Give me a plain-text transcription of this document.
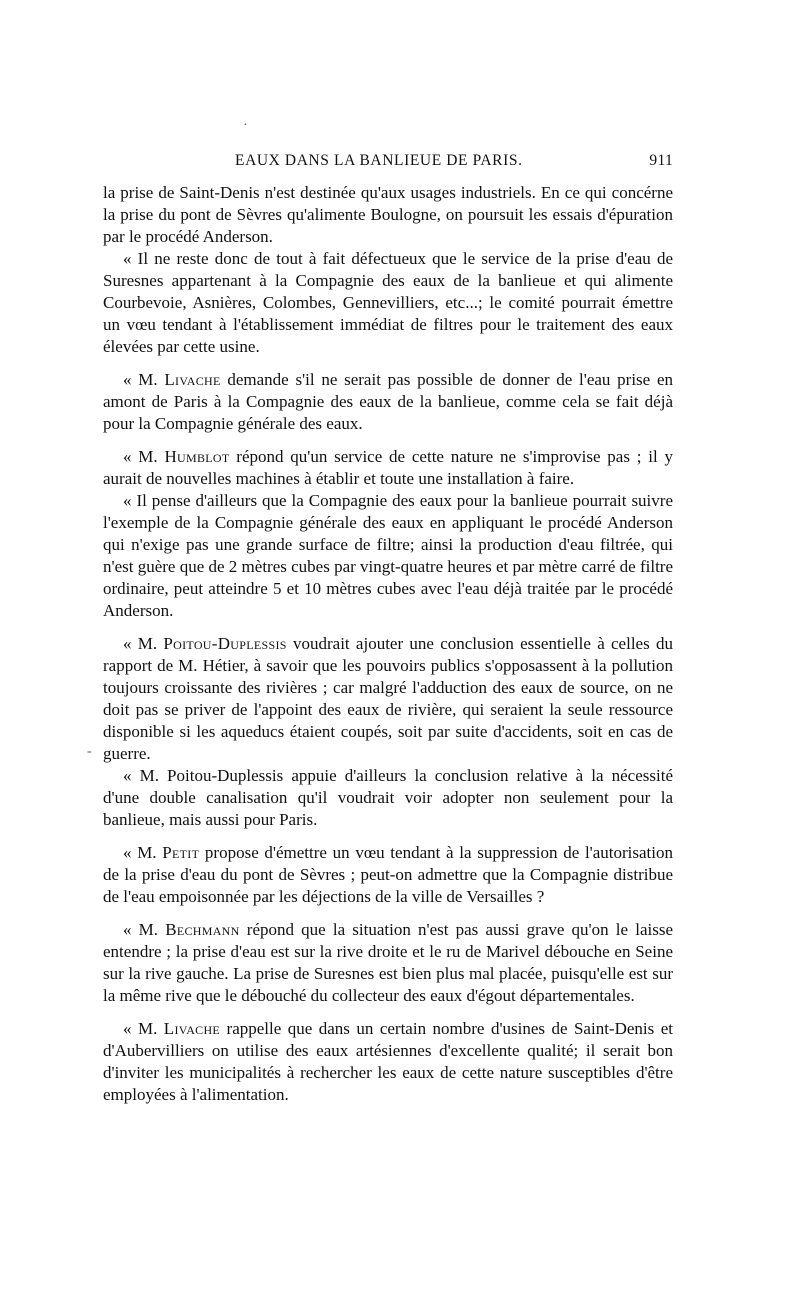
·
‑
EAUX DANS LA BANLIEUE DE PARIS.	911

la prise de Saint-Denis n'est destinée qu'aux usages industriels. En ce qui concérne la prise du pont de Sèvres qu'alimente Boulogne, on poursuit les essais d'épuration par le procédé Anderson.

« Il ne reste donc de tout à fait défectueux que le service de la prise d'eau de Suresnes appartenant à la Compagnie des eaux de la banlieue et qui alimente Courbevoie, Asnières, Colombes, Gennevilliers, etc...; le comité pourrait émettre un vœu tendant à l'établissement immédiat de filtres pour le traitement des eaux élevées par cette usine.

« M. Livache demande s'il ne serait pas possible de donner de l'eau prise en amont de Paris à la Compagnie des eaux de la banlieue, comme cela se fait déjà pour la Compagnie générale des eaux.

« M. Humblot répond qu'un service de cette nature ne s'improvise pas ; il y aurait de nouvelles machines à établir et toute une installation à faire.

« Il pense d'ailleurs que la Compagnie des eaux pour la banlieue pourrait suivre l'exemple de la Compagnie générale des eaux en appliquant le procédé Anderson qui n'exige pas une grande surface de filtre; ainsi la production d'eau filtrée, qui n'est guère que de 2 mètres cubes par vingt-quatre heures et par mètre carré de filtre ordinaire, peut atteindre 5 et 10 mètres cubes avec l'eau déjà traitée par le procédé Anderson.

« M. Poitou-Duplessis voudrait ajouter une conclusion essentielle à celles du rapport de M. Hétier, à savoir que les pouvoirs publics s'opposassent à la pollution toujours croissante des rivières ; car malgré l'adduction des eaux de source, on ne doit pas se priver de l'appoint des eaux de rivière, qui seraient la seule ressource disponible si les aqueducs étaient coupés, soit par suite d'accidents, soit en cas de guerre.

« M. Poitou-Duplessis appuie d'ailleurs la conclusion relative à la nécessité d'une double canalisation qu'il voudrait voir adopter non seulement pour la banlieue, mais aussi pour Paris.

« M. Petit propose d'émettre un vœu tendant à la suppression de l'autorisation de la prise d'eau du pont de Sèvres ; peut-on admettre que la Compagnie distribue de l'eau empoisonnée par les déjections de la ville de Versailles ?

« M. Bechmann répond que la situation n'est pas aussi grave qu'on le laisse entendre ; la prise d'eau est sur la rive droite et le ru de Marivel débouche en Seine sur la rive gauche. La prise de Suresnes est bien plus mal placée, puisqu'elle est sur la même rive que le débouché du collecteur des eaux d'égout départementales.

« M. Livache rappelle que dans un certain nombre d'usines de Saint-Denis et d'Aubervilliers on utilise des eaux artésiennes d'excellente qualité; il serait bon d'inviter les municipalités à rechercher les eaux de cette nature susceptibles d'être employées à l'alimentation.
